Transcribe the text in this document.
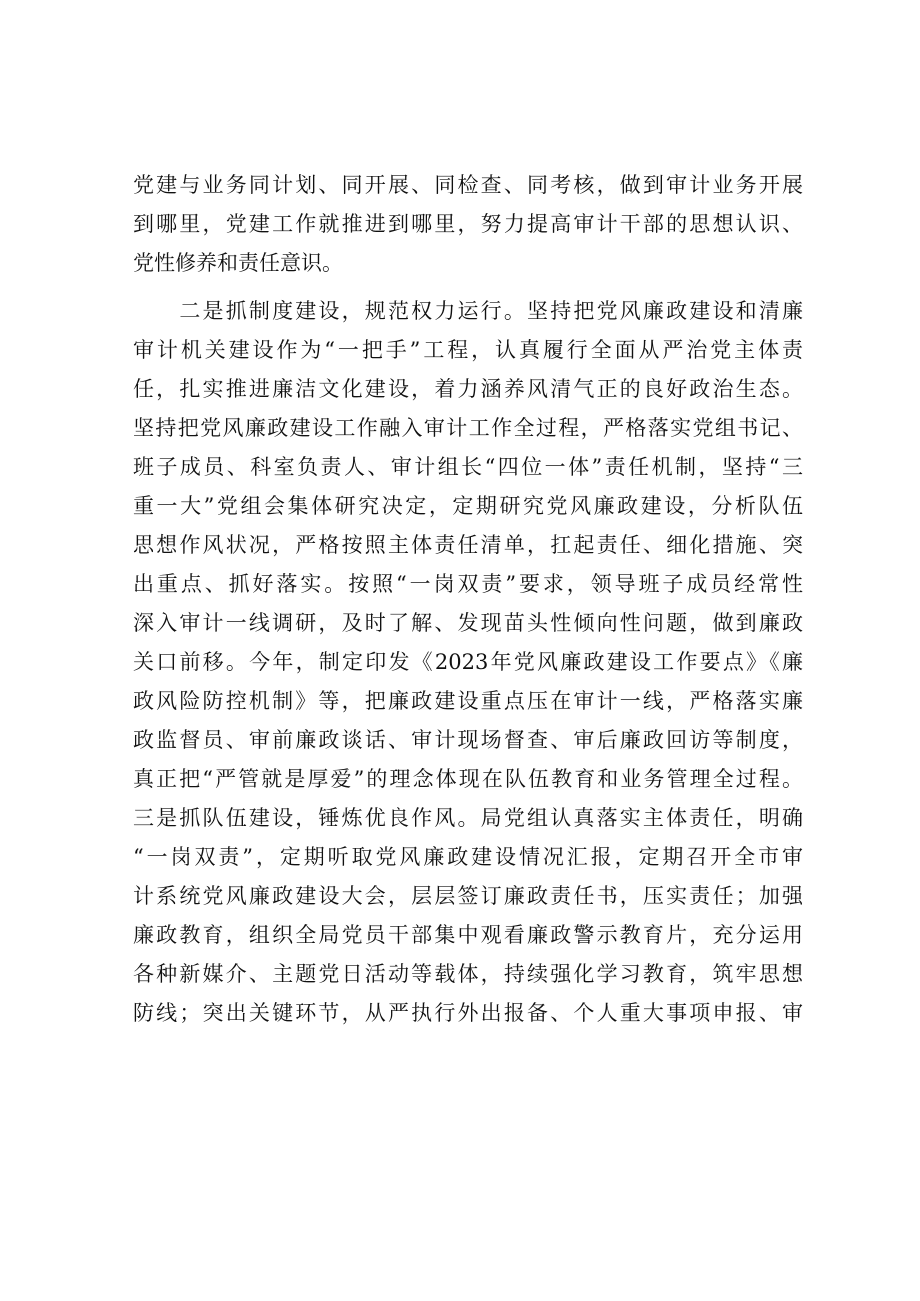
党建与业务同计划、同开展、同检查、同考核，做到审计业务开展
到哪里，党建工作就推进到哪里，努力提高审计干部的思想认识、
党性修养和责任意识。
　　二是抓制度建设，规范权力运行。坚持把党风廉政建设和清廉
审计机关建设作为“一把手”工程，认真履行全面从严治党主体责
任，扎实推进廉洁文化建设，着力涵养风清气正的良好政治生态。
坚持把党风廉政建设工作融入审计工作全过程，严格落实党组书记、
班子成员、科室负责人、审计组长“四位一体”责任机制，坚持“三
重一大”党组会集体研究决定，定期研究党风廉政建设，分析队伍
思想作风状况，严格按照主体责任清单，扛起责任、细化措施、突
出重点、抓好落实。按照“一岗双责”要求，领导班子成员经常性
深入审计一线调研，及时了解、发现苗头性倾向性问题，做到廉政
关口前移。今年，制定印发《2023年党风廉政建设工作要点》《廉
政风险防控机制》等，把廉政建设重点压在审计一线，严格落实廉
政监督员、审前廉政谈话、审计现场督查、审后廉政回访等制度，
真正把“严管就是厚爱”的理念体现在队伍教育和业务管理全过程。
三是抓队伍建设，锤炼优良作风。局党组认真落实主体责任，明确
“一岗双责”，定期听取党风廉政建设情况汇报，定期召开全市审
计系统党风廉政建设大会，层层签订廉政责任书，压实责任；加强
廉政教育，组织全局党员干部集中观看廉政警示教育片，充分运用
各种新媒介、主题党日活动等载体，持续强化学习教育，筑牢思想
防线；突出关键环节，从严执行外出报备、个人重大事项申报、审
